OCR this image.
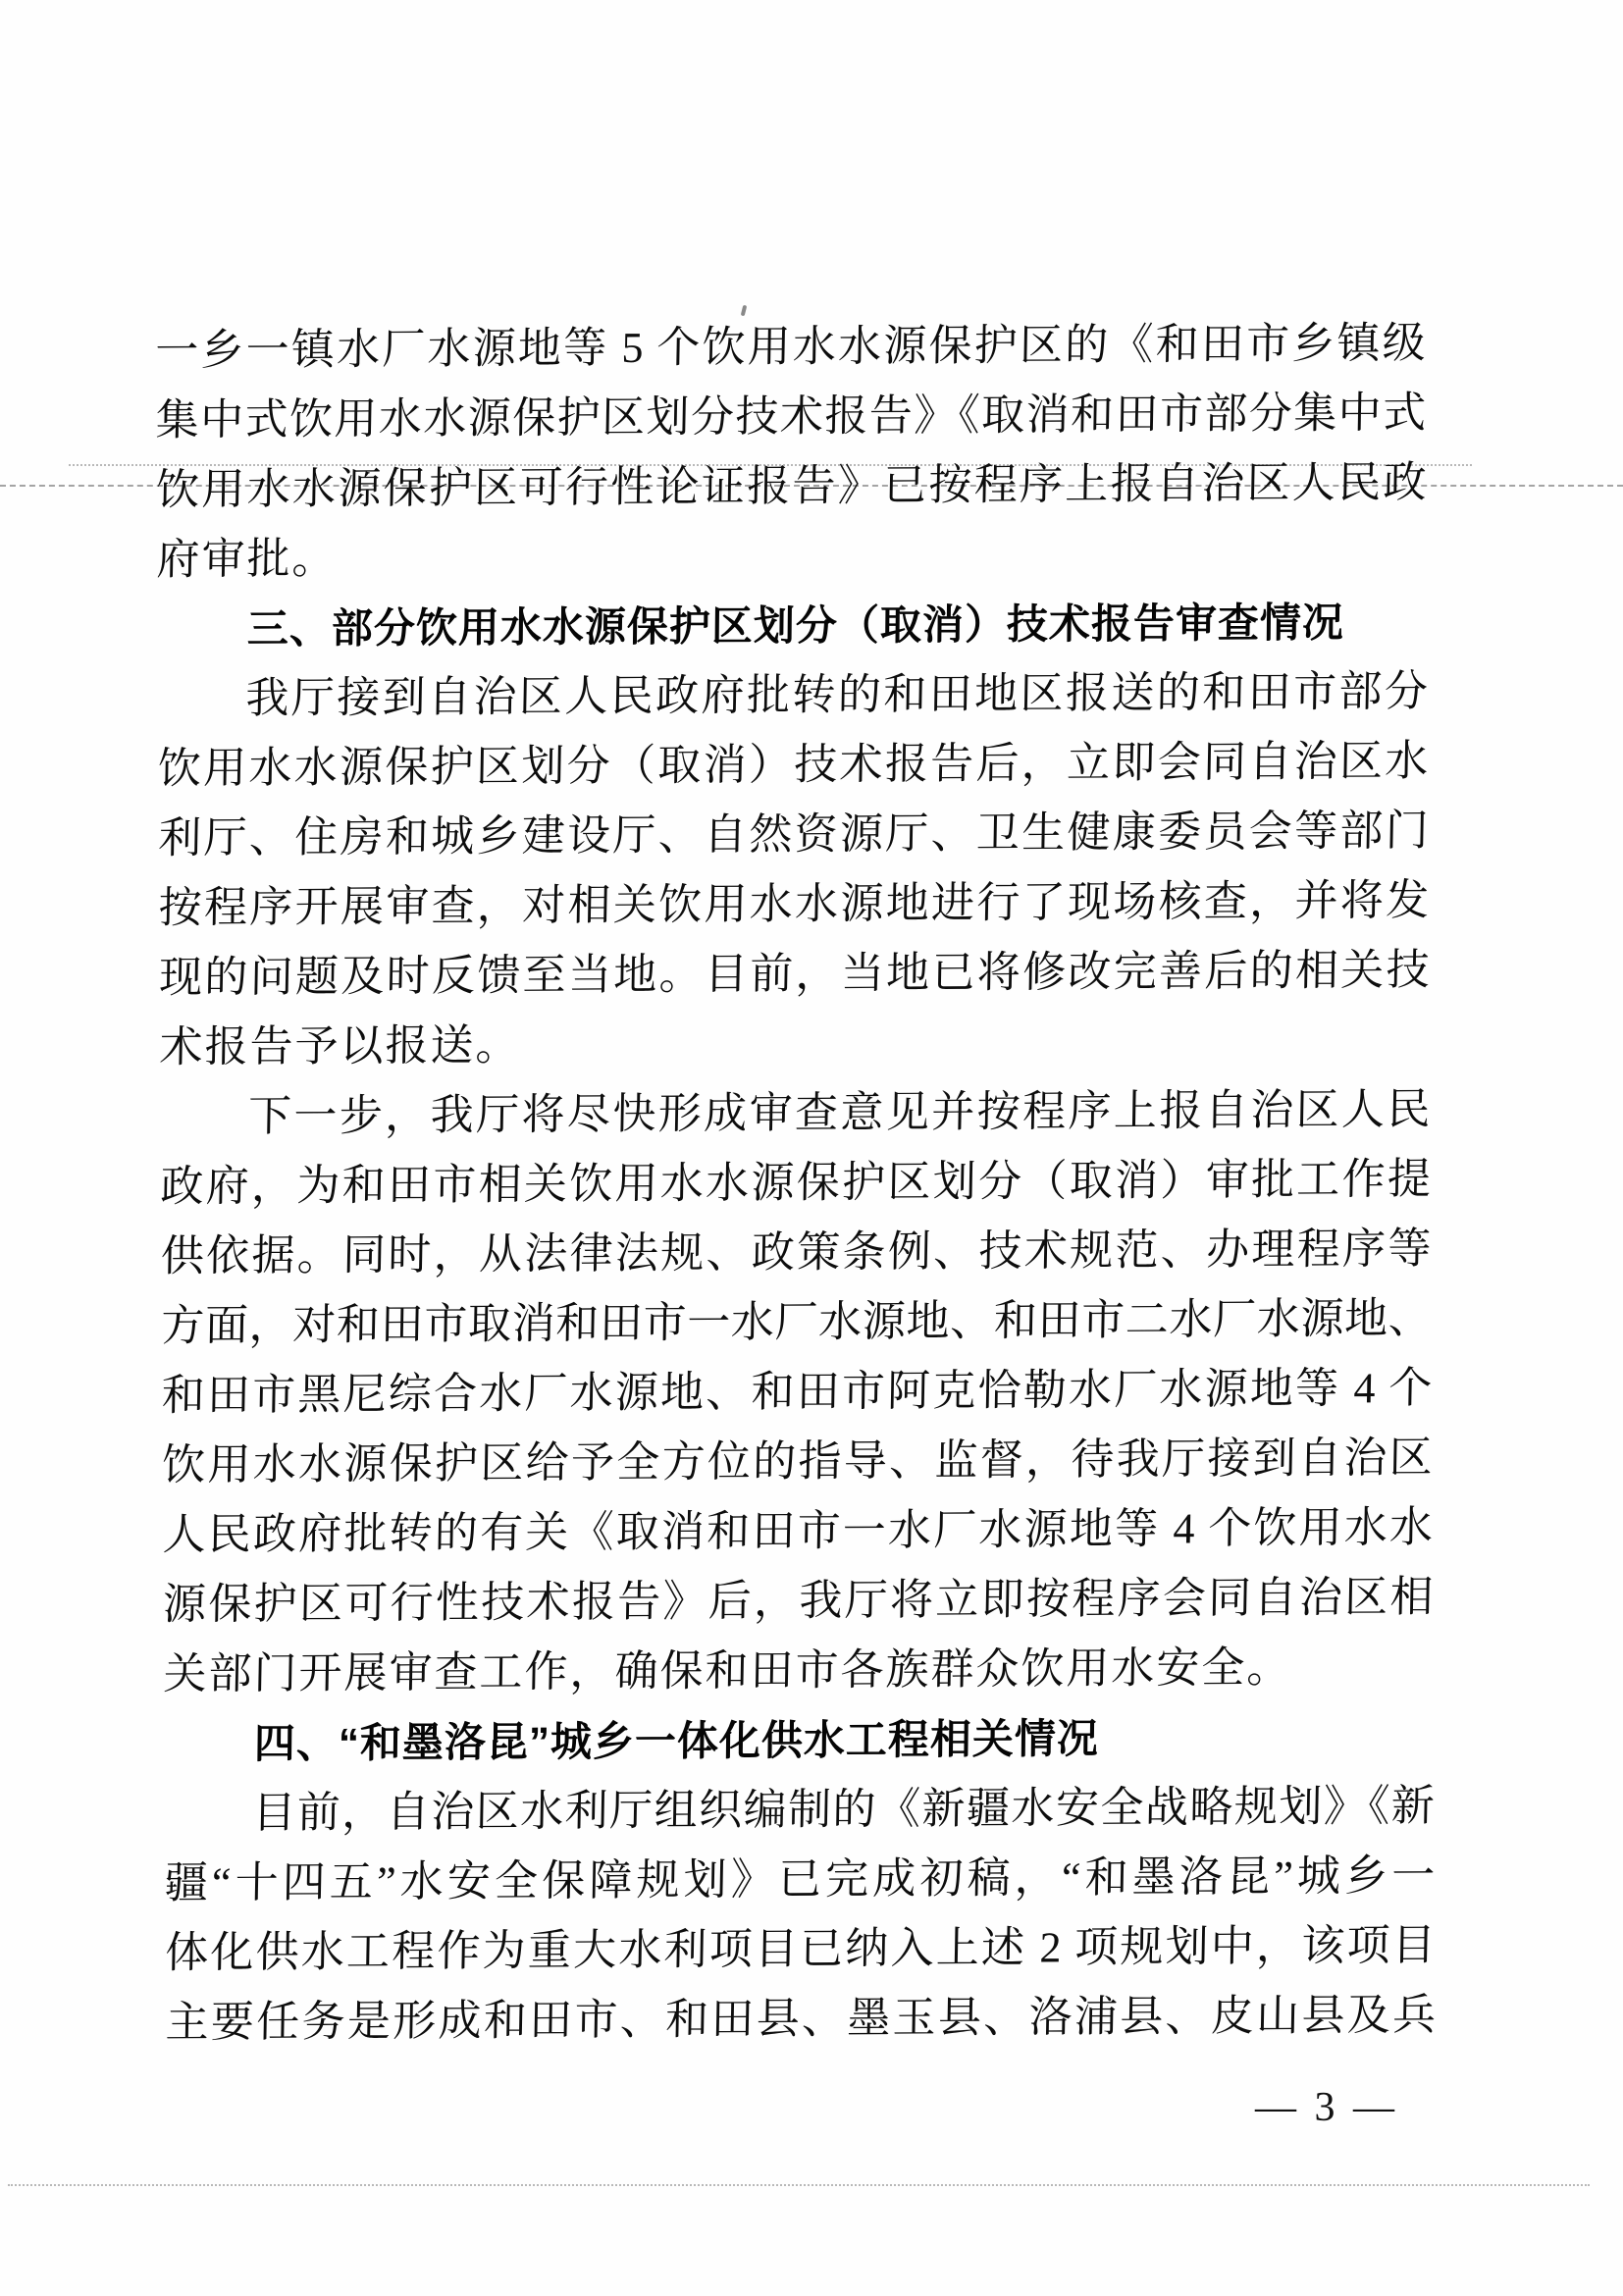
一乡一镇水厂水源地等 5 个饮用水水源保护区的《和田市乡镇级
集中式饮用水水源保护区划分技术报告》《取消和田市部分集中式
饮用水水源保护区可行性论证报告》已按程序上报自治区人民政
府审批。
三、部分饮用水水源保护区划分（取消）技术报告审查情况
我厅接到自治区人民政府批转的和田地区报送的和田市部分
饮用水水源保护区划分（取消）技术报告后，立即会同自治区水
利厅、住房和城乡建设厅、自然资源厅、卫生健康委员会等部门
按程序开展审查，对相关饮用水水源地进行了现场核查，并将发
现的问题及时反馈至当地。目前，当地已将修改完善后的相关技
术报告予以报送。
下一步，我厅将尽快形成审查意见并按程序上报自治区人民
政府，为和田市相关饮用水水源保护区划分（取消）审批工作提
供依据。同时，从法律法规、政策条例、技术规范、办理程序等
方面，对和田市取消和田市一水厂水源地、和田市二水厂水源地、
和田市黑尼综合水厂水源地、和田市阿克恰勒水厂水源地等 4 个
饮用水水源保护区给予全方位的指导、监督，待我厅接到自治区
人民政府批转的有关《取消和田市一水厂水源地等 4 个饮用水水
源保护区可行性技术报告》后，我厅将立即按程序会同自治区相
关部门开展审查工作，确保和田市各族群众饮用水安全。
四、“和墨洛昆”城乡一体化供水工程相关情况
目前，自治区水利厅组织编制的《新疆水安全战略规划》《新
疆“十四五”水安全保障规划》已完成初稿，“和墨洛昆”城乡一
体化供水工程作为重大水利项目已纳入上述 2 项规划中，该项目
主要任务是形成和田市、和田县、墨玉县、洛浦县、皮山县及兵
— 3 —
